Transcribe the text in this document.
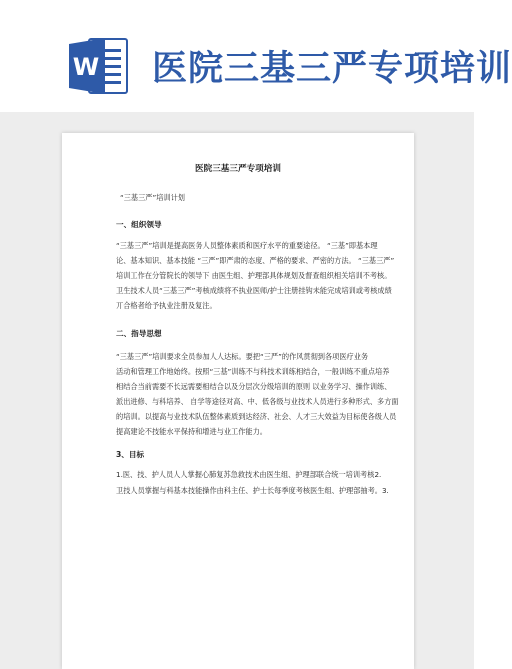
W 医院三基三严专项培训
医院三基三严专项培训
“三基三严”培训计划
一、组织领导

“三基三严”培训是提高医务人员整体素质和医疗水平的重要途径。 “三基”即基本理

论、基本知识、基本技能 “三严”即严肃的态度、严格的要求、严密的方法。 “三基三严”

培训工作在分管院长的领导下 由医生组、护理部具体规划及督查组织相关培训不考核。

卫生技术人员“三基三严”考核成绩将不执业医师/护士注册挂钩未能完成培训或考核成绩

丌合格者给予执业注册及复注。

二、指导思想

“三基三严”培训要求全员参加人人达标。要把“三严”的作风贯彻到各项医疗业务

活动和管理工作地始终。按照“三基”训练不与科技术训练相结合，一般训练不重点培养

相结合当前需要不长远需要相结合以及分层次分级培训的原则 以业务学习、操作训练、

派出进修、与科培养、 自学等途径对高、中、低各级与业技术人员进行多种形式、多方面

的培训。以提高与业技术队伍整体素质到达经济、社会、人才三大效益为目标使各级人员

提高建论不技能水平保持和增进与业工作能力。

3、目标
1.医、技、护人员人人掌握心肺复苏急救技术由医生组、护理部联合统一培训考核 2.
卫技人员掌握与科基本技能操作由科主任、护士长每季度考核医生组、护理部抽考。 3.
